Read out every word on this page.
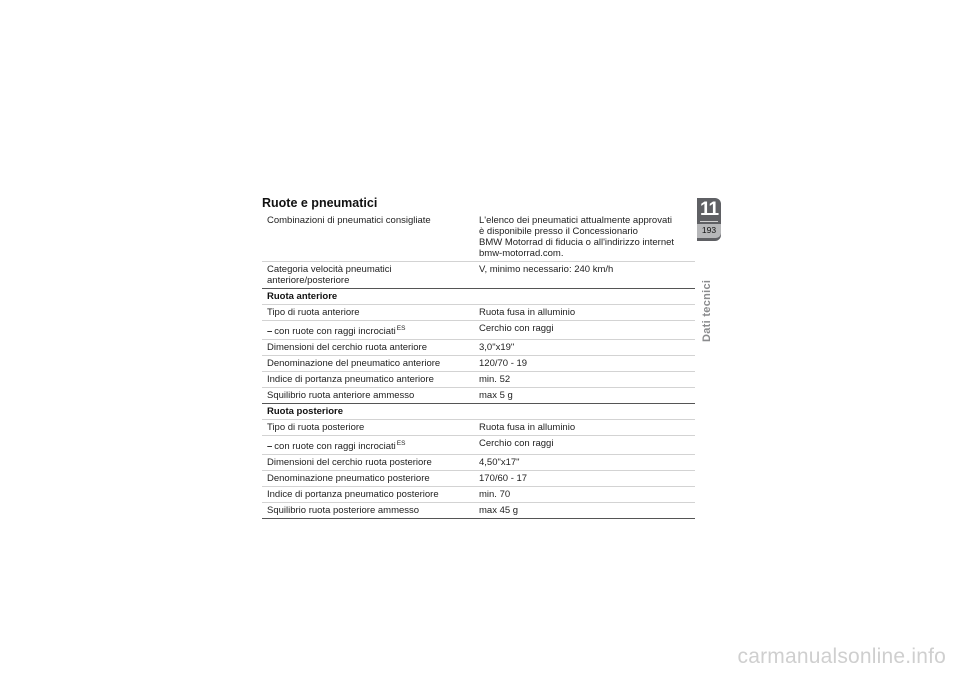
Ruote e pneumatici
Combinazioni di pneumatici consigliate	L'elenco dei pneumatici attualmente approvati
è disponibile presso il Concessionario
BMW Motorrad di fiducia o all'indirizzo internet
bmw-motorrad.com.

Categoria velocità pneumatici anteriore/posteriore	V, minimo necessario: 240 km/h
Ruota anteriore	
Tipo di ruota anteriore	Ruota fusa in alluminio
– con ruote con raggi incrociati$^{ES}$	Cerchio con raggi
Dimensioni del cerchio ruota anteriore	3,0"x19"
Denominazione del pneumatico anteriore	120/70 - 19
Indice di portanza pneumatico anteriore	min. 52
Squilibrio ruota anteriore ammesso	max 5 g
Ruota posteriore	
Tipo di ruota posteriore	Ruota fusa in alluminio
– con ruote con raggi incrociati$^{ES}$	Cerchio con raggi
Dimensioni del cerchio ruota posteriore	4,50"x17"
Denominazione pneumatico posteriore	170/60 - 17
Indice di portanza pneumatico posteriore	min. 70
Squilibrio ruota posteriore ammesso	max 45 g
11
193
Dati tecnici
carmanualsonline.info
